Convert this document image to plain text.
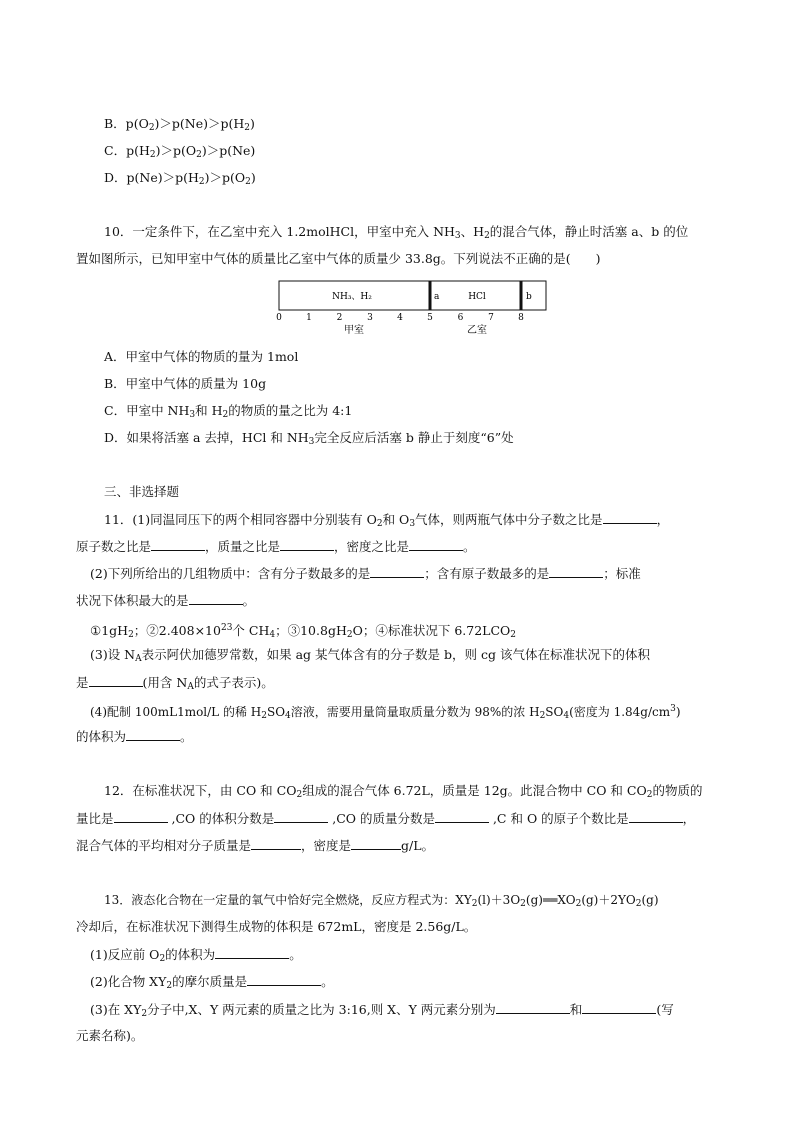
B．$p(O_2)>p(Ne)>p(H_2)$
C．$p(H_2)>p(O_2)>p(Ne)$
D．$p(Ne)>p(H_2)>p(O_2)$
10．一定条件下，在乙室中充入 1.2molHCl，甲室中充入 $NH_3$、$H_2$的混合气体，静止时活塞 a、b 的位
置如图所示，已知甲室中气体的质量比乙室中气体的质量少 33.8g。下列说法不正确的是(　　)
NH₃、H₂	a	HCl	b
0	1	2	3	4	5	6	7	8
甲室	乙室
A．甲室中气体的物质的量为 1mol
B．甲室中气体的质量为 10g
C．甲室中 $NH_3$和 $H_2$的物质的量之比为 4:1
D．如果将活塞 a 去掉，HCl 和 $NH_3$完全反应后活塞 b 静止于刻度“6”处
三、非选择题
11．(1)同温同压下的两个相同容器中分别装有 $O_2$和 $O_3$气体，则两瓶气体中分子数之比是	，
原子数之比是	，质量之比是	，密度之比是	。
(2)下列所给出的几组物质中：含有分子数最多的是	；含有原子数最多的是	；标准
状况下体积最大的是	。
$①1gH_2$；$②2.408\times 10^{23}$个 $CH_4$；$③10.8gH_2O$；④标准状况下 $6.72LCO_2$
(3)设 $N_A$表示阿伏加德罗常数，如果 ag 某气体含有的分子数是 b，则 cg 该气体在标准状况下的体积
是	(用含 $N_A$的式子表示)。
(4)配制 100mL1mol/L 的稀 $H_2SO_4$溶液，需要用量筒量取质量分数为 98%的浓 $H_2SO_4$(密度为 $1.84g/cm^3$)
的体积为	。
12．在标准状况下，由 CO 和 $CO_2$组成的混合气体 6.72L，质量是 12g。此混合物中 CO 和 $CO_2$的物质的
量比是	,CO 的体积分数是	,CO 的质量分数是	,C 和 O 的原子个数比是	，
混合气体的平均相对分子质量是	，密度是	g/L。
13．液态化合物在一定量的氧气中恰好完全燃烧，反应方程式为：$XY_2(l)+3O_2(g)══XO_2(g)+2YO_2(g)$
冷却后，在标准状况下测得生成物的体积是 672mL，密度是 2.56g/L。
(1)反应前 $O_2$的体积为	。
(2)化合物 $XY_2$的摩尔质量是	。
(3)在 $XY_2$分子中,X、Y 两元素的质量之比为 3:16,则 X、Y 两元素分别为	和	(写
元素名称)。
